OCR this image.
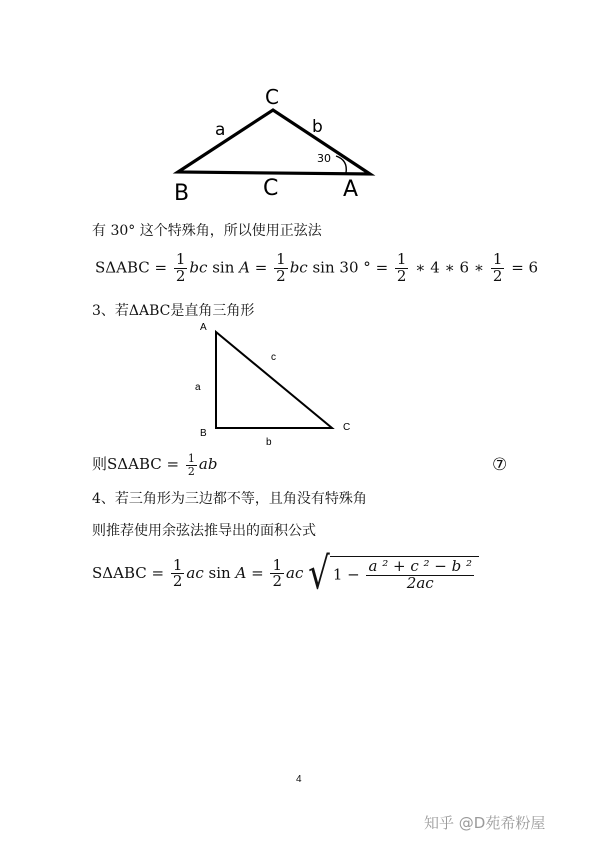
C
a	b
30
B	C	A
有 30° 这个特殊角，所以使用正弦法
$S\Delta ABC = \frac{1}{2}$ bc $\sin A = \frac{1}{2}$ bc sin 30 ° = $\frac{1}{2}$ ∗ 4 ∗ 6 ∗ $\frac{1}{2} = 6$
3、若ΔABC是直角三角形
A
B
C
a
b
c
则$S\Delta ABC = \frac{1}{2}$ ab	⑦
4、若三角形为三边都不等，且角没有特殊角
则推荐使用余弦法推导出的面积公式
$S\Delta ABC = \frac{1}{2}$ ac $\sin A = \frac{1}{2}$ ac √ $1 - \frac{\text{a ² + c ² − b ²}}{2ac}$
4
知乎 @D苑希粉屋
